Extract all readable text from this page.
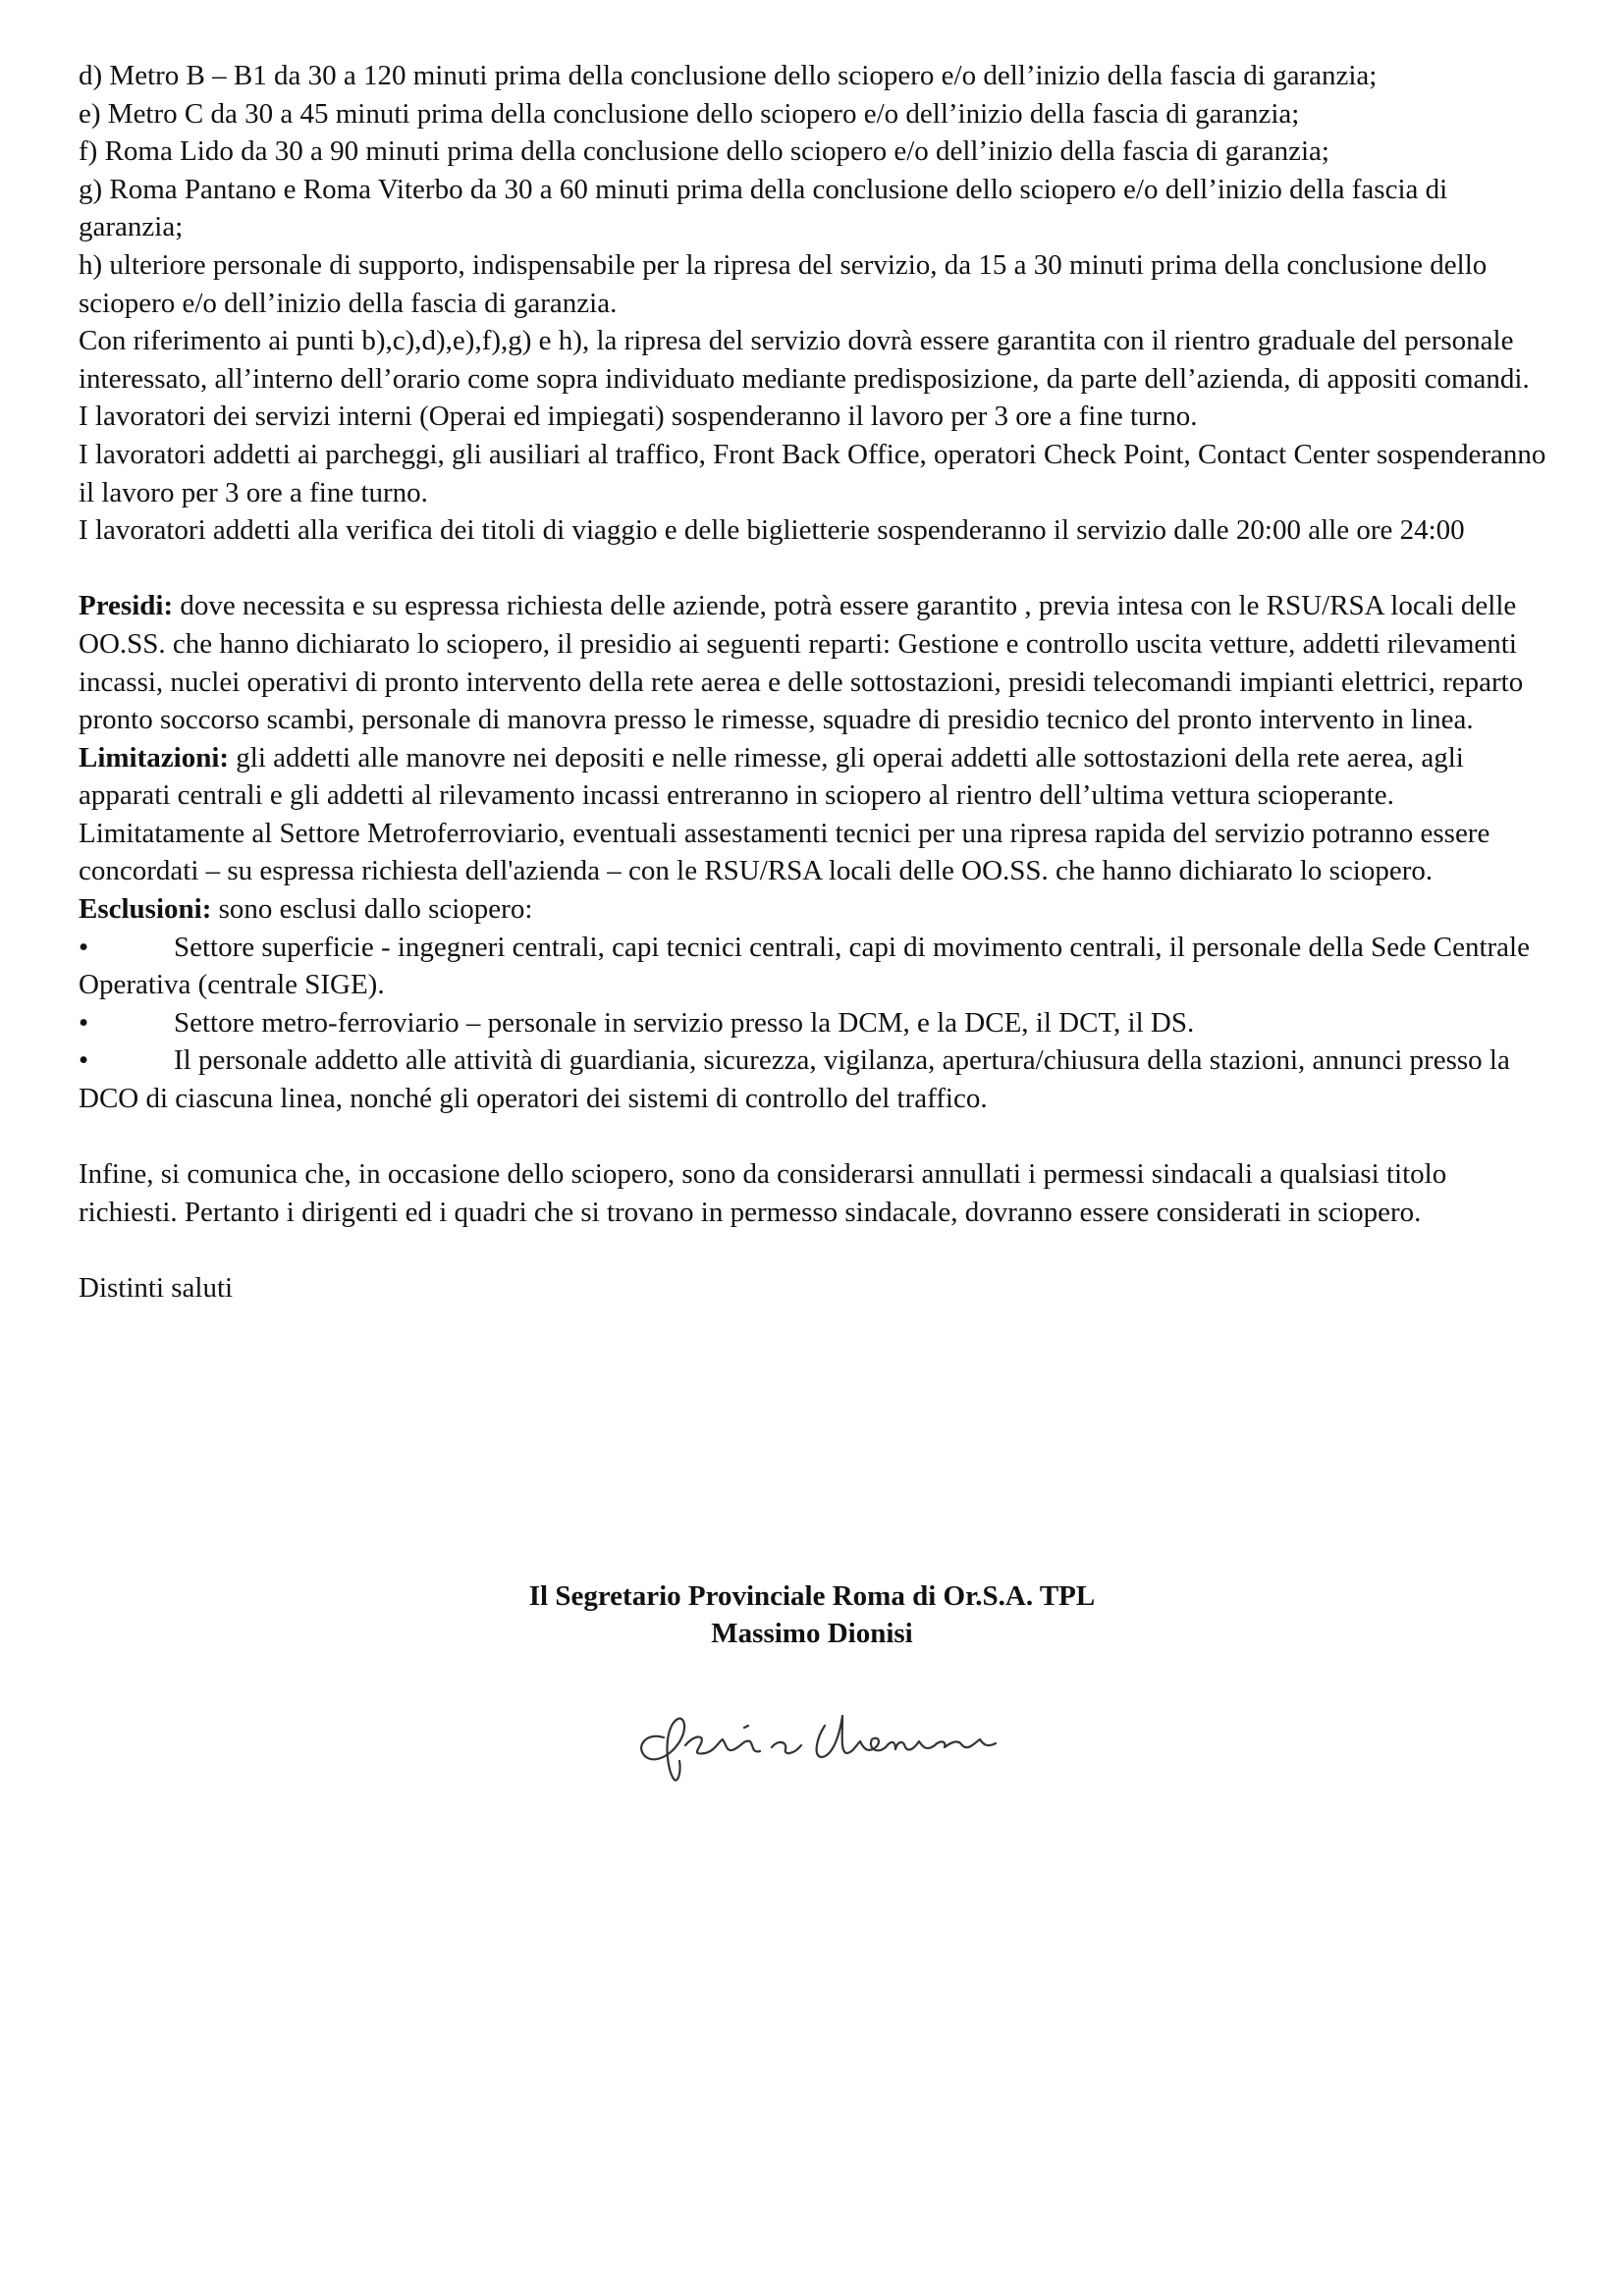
d) Metro B – B1 da 30 a 120 minuti prima della conclusione dello sciopero e/o dell’inizio della fascia di garanzia;

e) Metro C da 30 a 45 minuti prima della conclusione dello sciopero e/o dell’inizio della fascia di garanzia;

f) Roma Lido da 30 a 90 minuti prima della conclusione dello sciopero e/o dell’inizio della fascia di garanzia;

g) Roma Pantano e Roma Viterbo da 30 a 60 minuti prima della conclusione dello sciopero e/o dell’inizio della fascia di garanzia;

h) ulteriore personale di supporto, indispensabile per la ripresa del servizio, da 15 a 30 minuti prima della conclusione dello sciopero e/o dell’inizio della fascia di garanzia.

Con riferimento ai punti b),c),d),e),f),g) e h), la ripresa del servizio dovrà essere garantita con il rientro graduale del personale interessato, all’interno dell’orario come sopra individuato mediante predisposizione, da parte dell’azienda, di appositi comandi.

I lavoratori dei servizi interni (Operai ed impiegati) sospenderanno il lavoro per 3 ore a fine turno.

I lavoratori addetti ai parcheggi, gli ausiliari al traffico, Front Back Office, operatori Check Point, Contact Center sospenderanno il lavoro per 3 ore a fine turno.

I lavoratori addetti alla verifica dei titoli di viaggio e delle biglietterie sospenderanno il servizio dalle 20:00 alle ore 24:00

Presidi: dove necessita e su espressa richiesta delle aziende, potrà essere garantito , previa intesa con le RSU/RSA locali delle OO.SS. che hanno dichiarato lo sciopero, il presidio ai seguenti reparti: Gestione e controllo uscita vetture, addetti rilevamenti incassi, nuclei operativi di pronto intervento della rete aerea e delle sottostazioni, presidi telecomandi impianti elettrici, reparto pronto soccorso scambi, personale di manovra presso le rimesse, squadre di presidio tecnico del pronto intervento in linea.

Limitazioni: gli addetti alle manovre nei depositi e nelle rimesse, gli operai addetti alle sottostazioni della rete aerea, agli apparati centrali e gli addetti al rilevamento incassi entreranno in sciopero al rientro dell’ultima vettura scioperante. Limitatamente al Settore Metroferroviario, eventuali assestamenti tecnici per una ripresa rapida del servizio potranno essere concordati – su espressa richiesta dell'azienda – con le RSU/RSA locali delle OO.SS. che hanno dichiarato lo sciopero.

Esclusioni: sono esclusi dallo sciopero:

•	Settore superficie - ingegneri centrali, capi tecnici centrali, capi di movimento centrali, il personale della Sede Centrale Operativa (centrale SIGE).

•	Settore metro-ferroviario – personale in servizio presso la DCM, e la DCE, il DCT, il DS.

•	Il personale addetto alle attività di guardiania, sicurezza, vigilanza, apertura/chiusura della stazioni, annunci presso la DCO di ciascuna linea, nonché gli operatori dei sistemi di controllo del traffico.

Infine, si comunica che, in occasione dello sciopero, sono da considerarsi annullati i permessi sindacali a qualsiasi titolo richiesti. Pertanto i dirigenti ed i quadri che si trovano in permesso sindacale, dovranno essere considerati in sciopero.

Distinti saluti

Il Segretario Provinciale Roma di Or.S.A. TPL
Massimo Dionisi
